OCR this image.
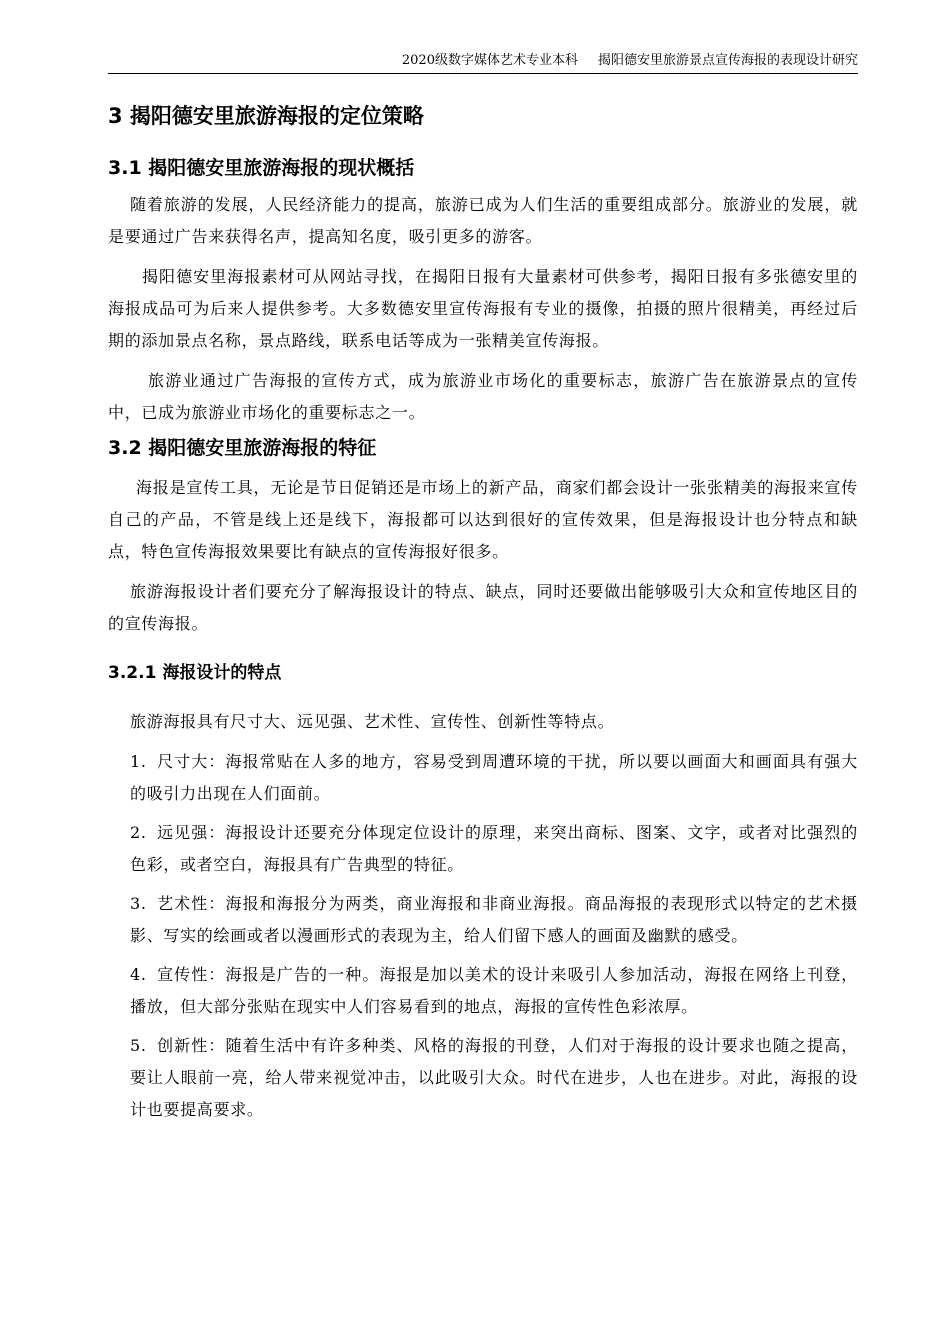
2020级数字媒体艺术专业本科 揭阳德安里旅游景点宣传海报的表现设计研究
3 揭阳德安里旅游海报的定位策略
3.1 揭阳德安里旅游海报的现状概括

随着旅游的发展，人民经济能力的提高，旅游已成为人们生活的重要组成部分。旅游业的发展，就是要通过广告来获得名声，提高知名度，吸引更多的游客。

揭阳德安里海报素材可从网站寻找，在揭阳日报有大量素材可供参考，揭阳日报有多张德安里的海报成品可为后来人提供参考。大多数德安里宣传海报有专业的摄像，拍摄的照片很精美，再经过后期的添加景点名称，景点路线，联系电话等成为一张精美宣传海报。

旅游业通过广告海报的宣传方式，成为旅游业市场化的重要标志，旅游广告在旅游景点的宣传中，已成为旅游业市场化的重要标志之一。

3.2 揭阳德安里旅游海报的特征

海报是宣传工具，无论是节日促销还是市场上的新产品，商家们都会设计一张张精美的海报来宣传自己的产品，不管是线上还是线下，海报都可以达到很好的宣传效果，但是海报设计也分特点和缺点，特色宣传海报效果要比有缺点的宣传海报好很多。

旅游海报设计者们要充分了解海报设计的特点、缺点，同时还要做出能够吸引大众和宣传地区目的的宣传海报。

3.2.1 海报设计的特点

旅游海报具有尺寸大、远见强、艺术性、宣传性、创新性等特点。

1. 尺寸大：海报常贴在人多的地方，容易受到周遭环境的干扰，所以要以画面大和画面具有强大的吸引力出现在人们面前。

2. 远见强：海报设计还要充分体现定位设计的原理，来突出商标、图案、文字，或者对比强烈的色彩，或者空白，海报具有广告典型的特征。

3. 艺术性：海报和海报分为两类，商业海报和非商业海报。商品海报的表现形式以特定的艺术摄影、写实的绘画或者以漫画形式的表现为主，给人们留下感人的画面及幽默的感受。

4. 宣传性：海报是广告的一种。海报是加以美术的设计来吸引人参加活动，海报在网络上刊登，播放，但大部分张贴在现实中人们容易看到的地点，海报的宣传性色彩浓厚。

5. 创新性：随着生活中有许多种类、风格的海报的刊登，人们对于海报的设计要求也随之提高，要让人眼前一亮，给人带来视觉冲击，以此吸引大众。时代在进步，人也在进步。对此，海报的设计也要提高要求。
